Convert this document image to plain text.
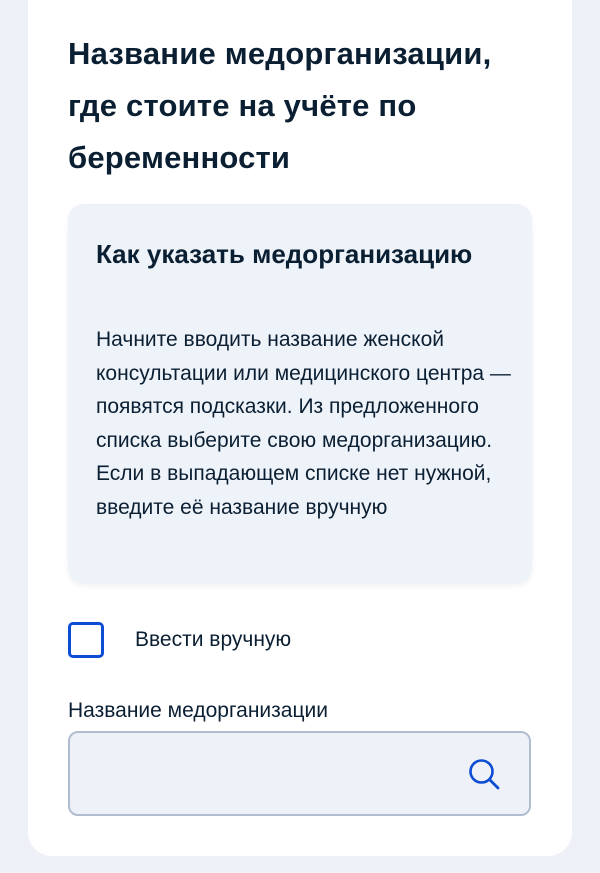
Название медорганизации, где стоите на учёте по беременности
Как указать медорганизацию

Начните вводить название женской консультации или медицинского центра — появятся подсказки. Из предложенного списка выберите свою медорганизацию. Если в выпадающем списке нет нужной, введите её название вручную

Ввести вручную
Название медорганизации
